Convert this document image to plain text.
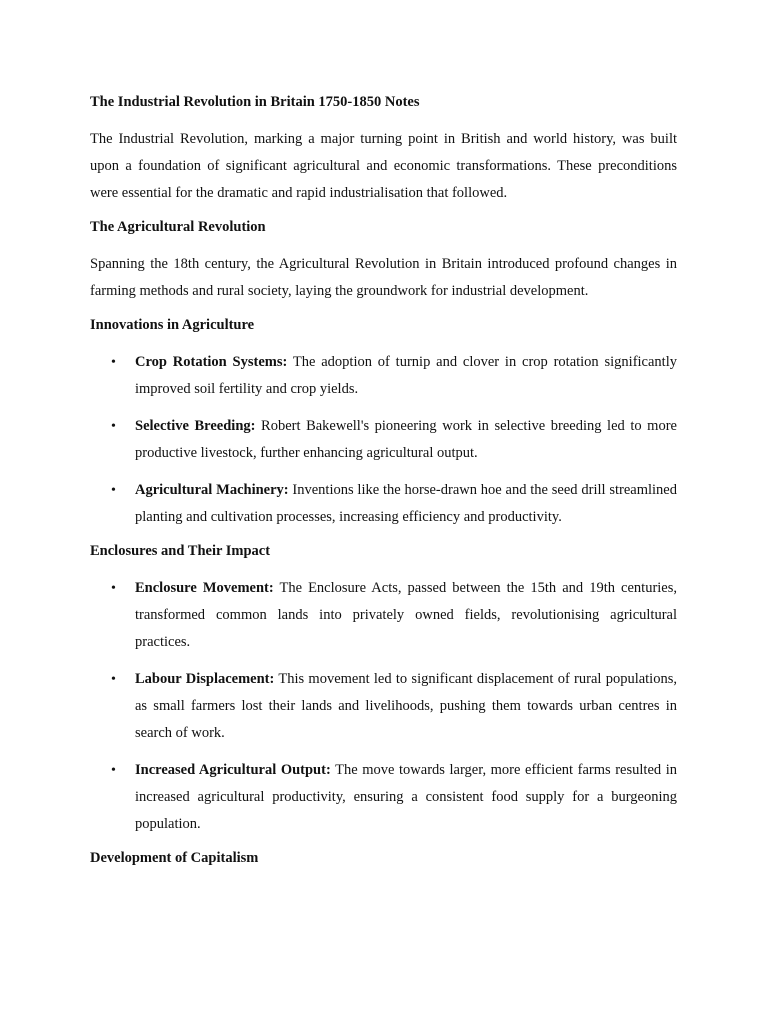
The Industrial Revolution in Britain 1750-1850 Notes

The Industrial Revolution, marking a major turning point in British and world history, was built upon a foundation of significant agricultural and economic transformations. These preconditions were essential for the dramatic and rapid industrialisation that followed.

The Agricultural Revolution

Spanning the 18th century, the Agricultural Revolution in Britain introduced profound changes in farming methods and rural society, laying the groundwork for industrial development.

Innovations in Agriculture
• Crop Rotation Systems: The adoption of turnip and clover in crop rotation significantly improved soil fertility and crop yields.
• Selective Breeding: Robert Bakewell's pioneering work in selective breeding led to more productive livestock, further enhancing agricultural output.
• Agricultural Machinery: Inventions like the horse-drawn hoe and the seed drill streamlined planting and cultivation processes, increasing efficiency and productivity.
Enclosures and Their Impact
• Enclosure Movement: The Enclosure Acts, passed between the 15th and 19th centuries, transformed common lands into privately owned fields, revolutionising agricultural practices.
• Labour Displacement: This movement led to significant displacement of rural populations, as small farmers lost their lands and livelihoods, pushing them towards urban centres in search of work.
• Increased Agricultural Output: The move towards larger, more efficient farms resulted in increased agricultural productivity, ensuring a consistent food supply for a burgeoning population.
Development of Capitalism
